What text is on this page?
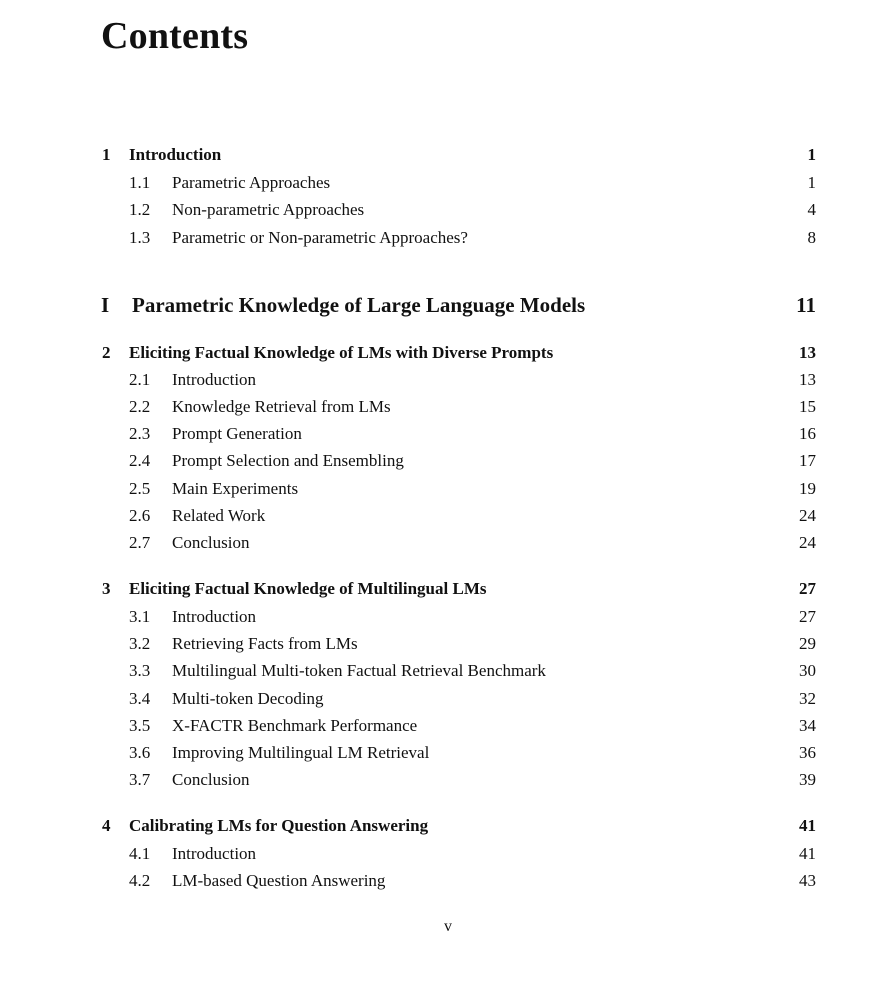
Contents
1 Introduction	1
1.1 Parametric Approaches	1
1.2 Non-parametric Approaches	4
1.3 Parametric or Non-parametric Approaches?	8
I Parametric Knowledge of Large Language Models	11
2 Eliciting Factual Knowledge of LMs with Diverse Prompts	13
2.1 Introduction	13
2.2 Knowledge Retrieval from LMs	15
2.3 Prompt Generation	16
2.4 Prompt Selection and Ensembling	17
2.5 Main Experiments	19
2.6 Related Work	24
2.7 Conclusion	24
3 Eliciting Factual Knowledge of Multilingual LMs	27
3.1 Introduction	27
3.2 Retrieving Facts from LMs	29
3.3 Multilingual Multi-token Factual Retrieval Benchmark	30
3.4 Multi-token Decoding	32
3.5 X-FACTR Benchmark Performance	34
3.6 Improving Multilingual LM Retrieval	36
3.7 Conclusion	39
4 Calibrating LMs for Question Answering	41
4.1 Introduction	41
4.2 LM-based Question Answering	43
v
